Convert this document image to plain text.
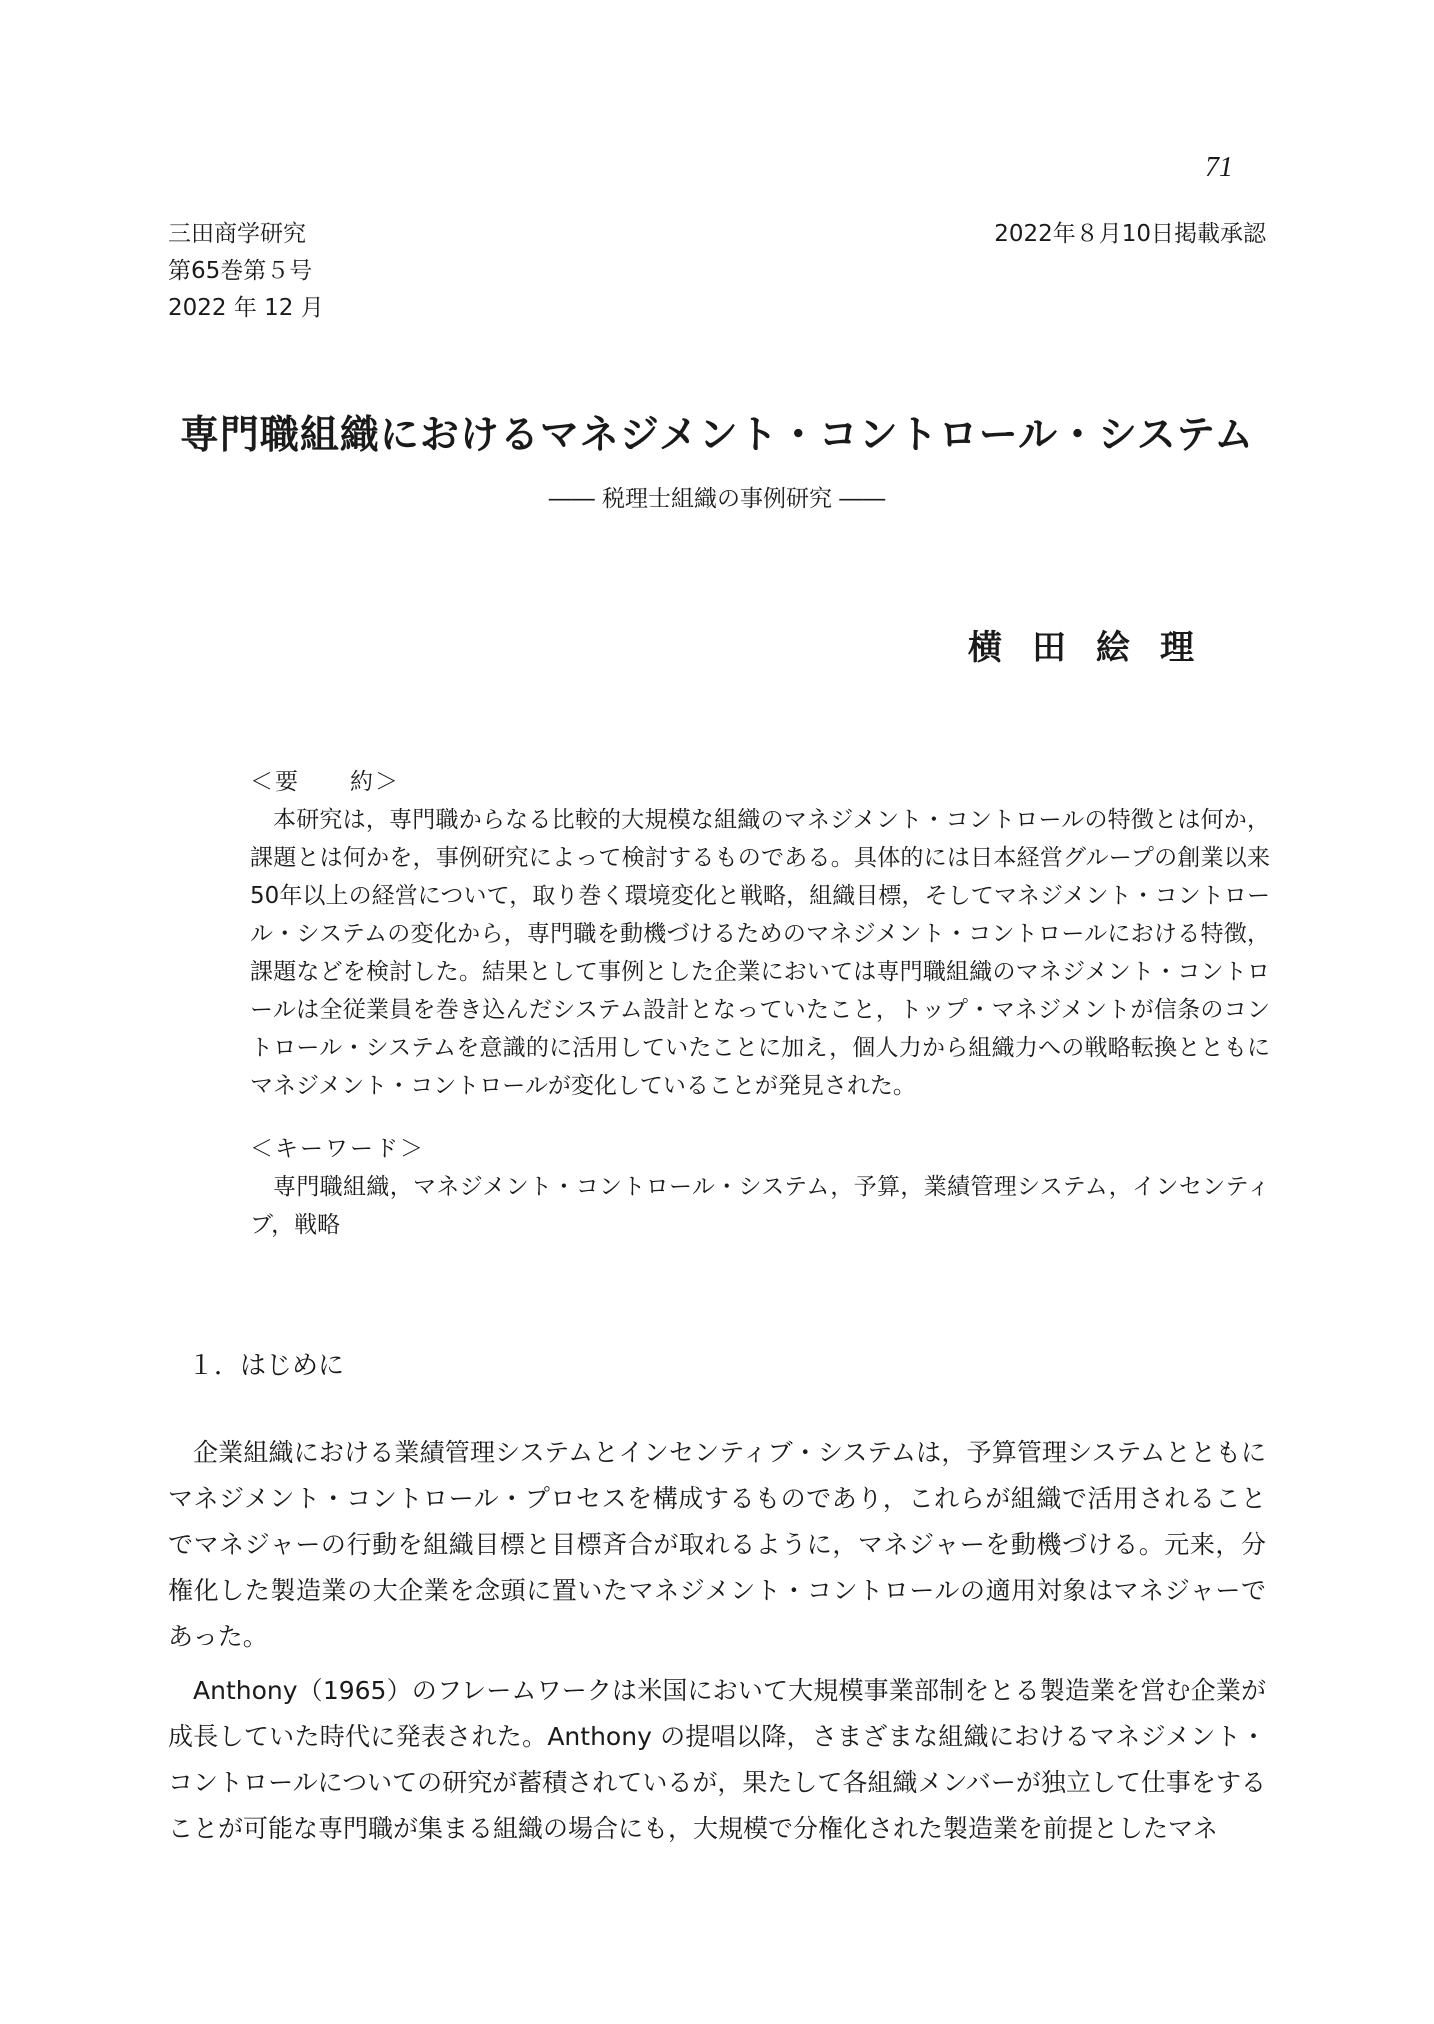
71
三田商学研究
第65巻第５号
2022 年 12 月
2022年８月10日掲載承認
専門職組織におけるマネジメント・コントロール・システム
―― 税理士組織の事例研究 ――
横田絵理
＜要　　約＞

本研究は，専門職からなる比較的大規模な組織のマネジメント・コントロールの特徴とは何か，課題とは何かを，事例研究によって検討するものである。具体的には日本経営グループの創業以来50年以上の経営について，取り巻く環境変化と戦略，組織目標，そしてマネジメント・コントロール・システムの変化から，専門職を動機づけるためのマネジメント・コントロールにおける特徴，課題などを検討した。結果として事例とした企業においては専門職組織のマネジメント・コントロールは全従業員を巻き込んだシステム設計となっていたこと，トップ・マネジメントが信条のコントロール・システムを意識的に活用していたことに加え，個人力から組織力への戦略転換とともにマネジメント・コントロールが変化していることが発見された。

＜キーワード＞

専門職組織，マネジメント・コントロール・システム，予算，業績管理システム，インセンティブ，戦略

１．はじめに

企業組織における業績管理システムとインセンティブ・システムは，予算管理システムとともにマネジメント・コントロール・プロセスを構成するものであり，これらが組織で活用されることでマネジャーの行動を組織目標と目標斉合が取れるように，マネジャーを動機づける。元来，分権化した製造業の大企業を念頭に置いたマネジメント・コントロールの適用対象はマネジャーであった。

Anthony（1965）のフレームワークは米国において大規模事業部制をとる製造業を営む企業が成長していた時代に発表された。Anthony の提唱以降，さまざまな組織におけるマネジメント・コントロールについての研究が蓄積されているが，果たして各組織メンバーが独立して仕事をすることが可能な専門職が集まる組織の場合にも，大規模で分権化された製造業を前提としたマネ
